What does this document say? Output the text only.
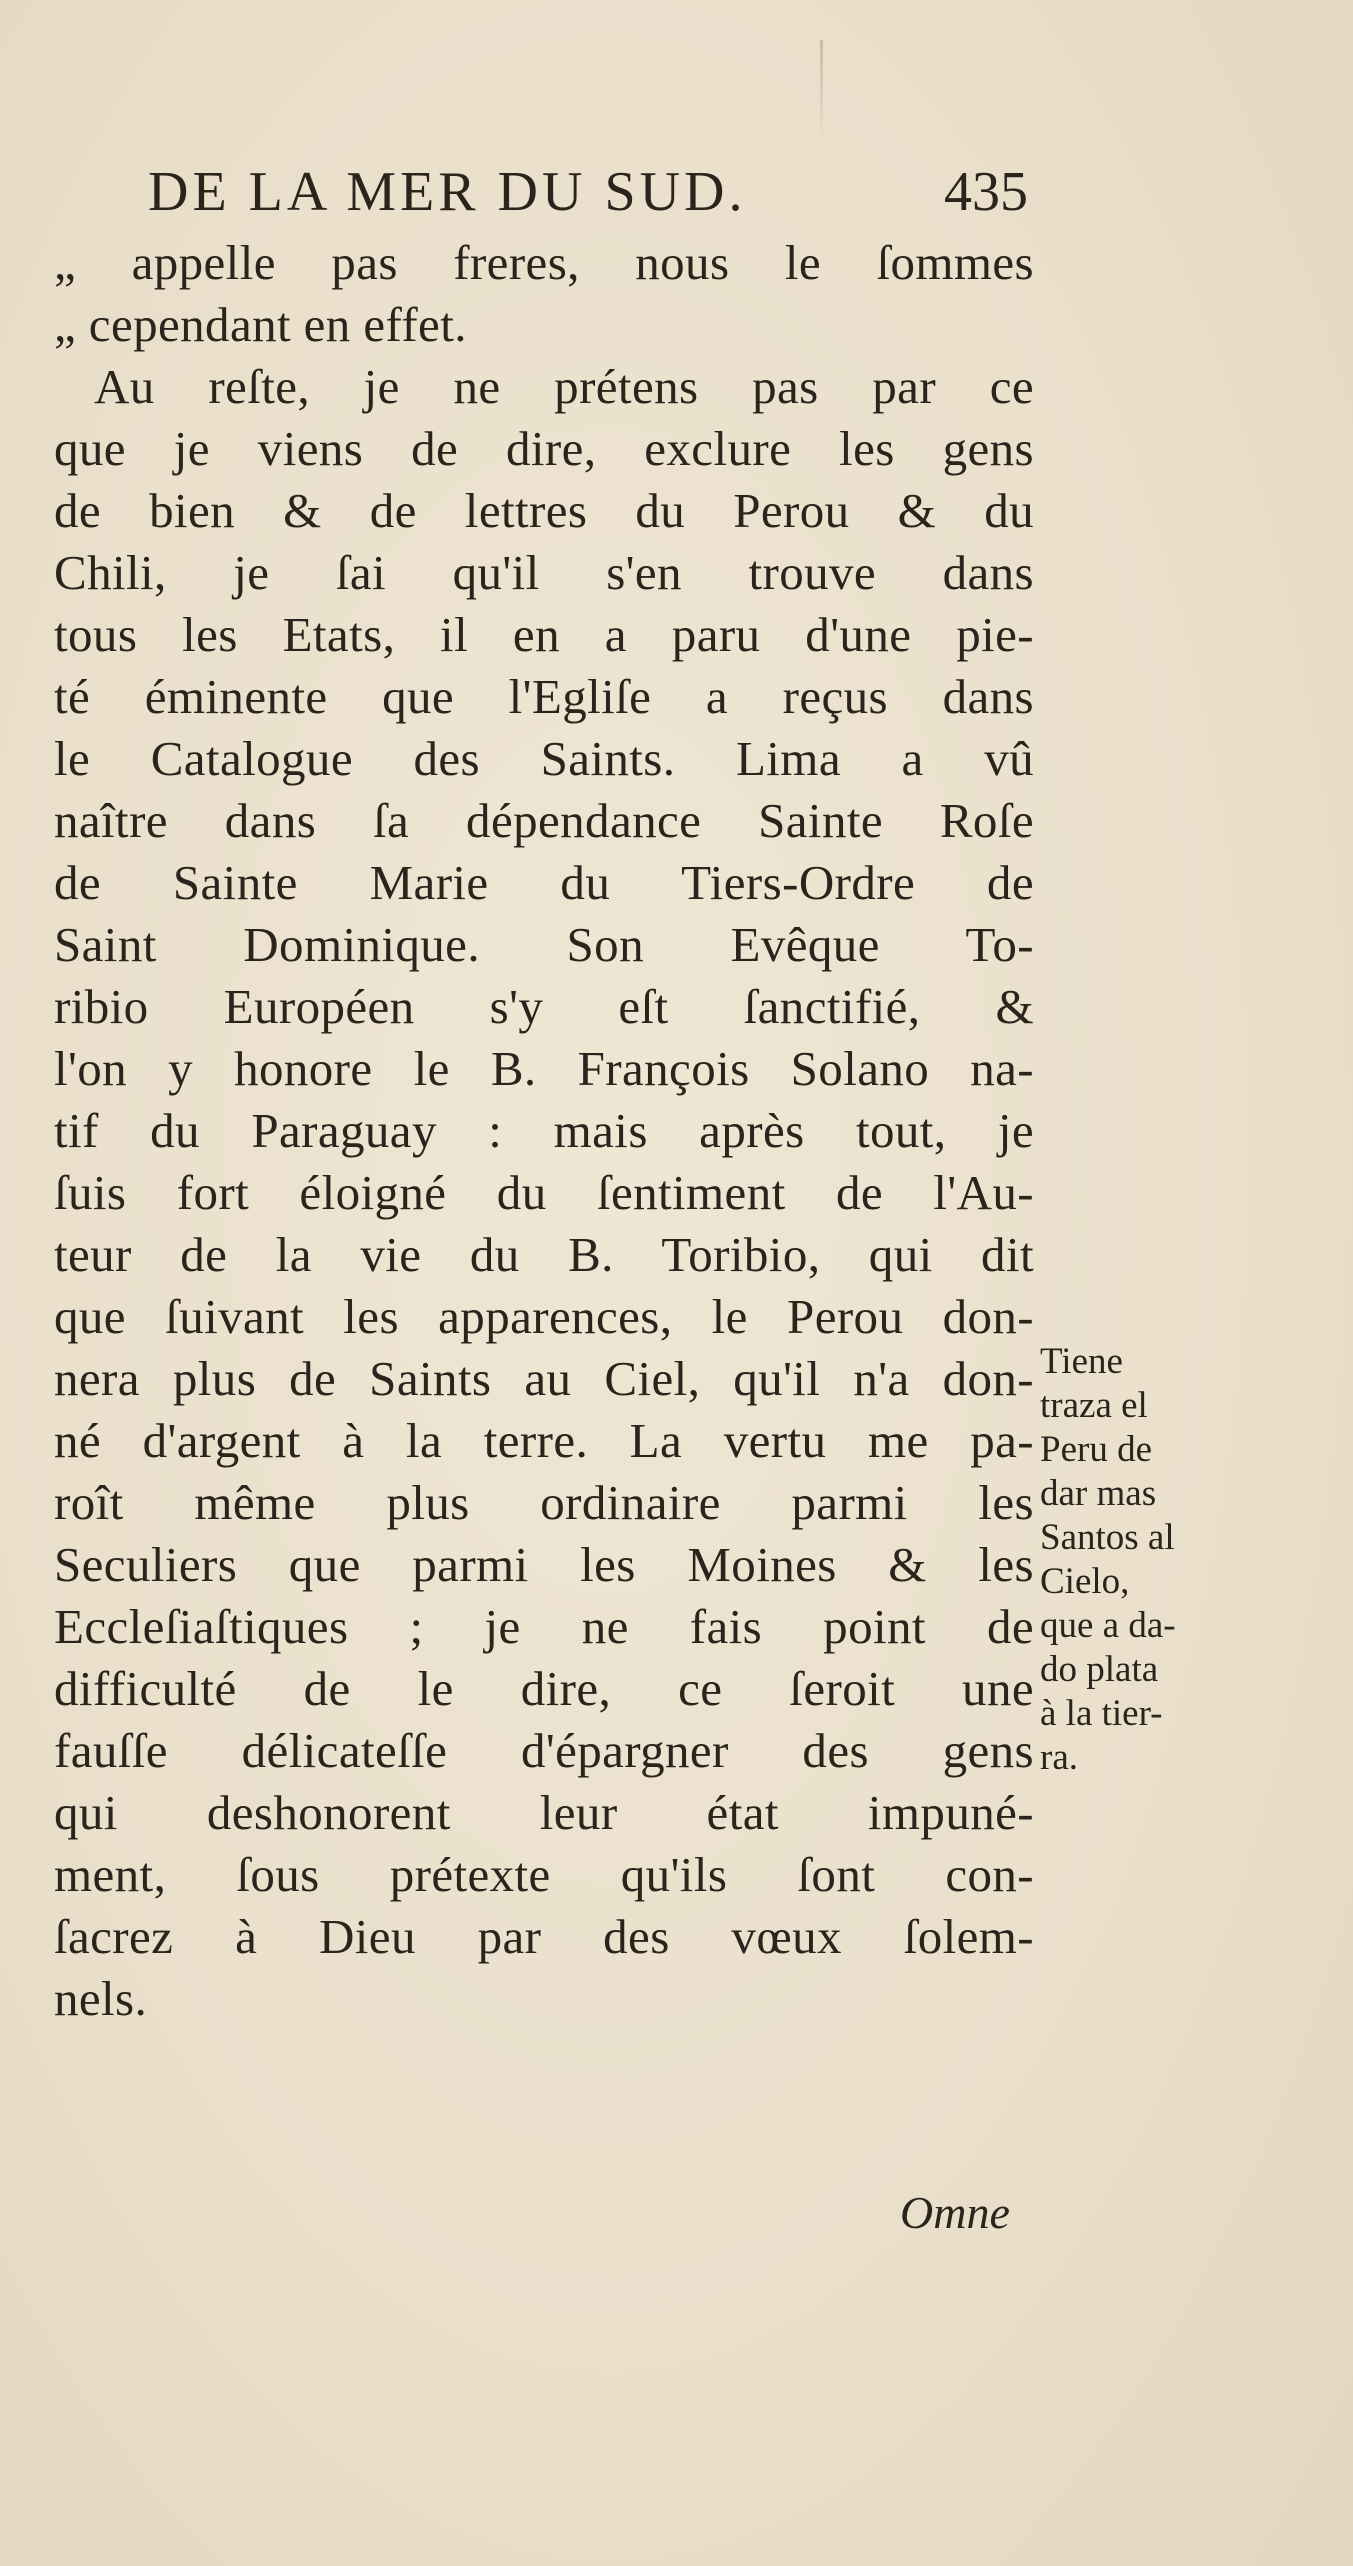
DE LA MER DU SUD.	435
„ appelle pas freres, nous le ſommes
„ cependant en effet.
Au reſte, je ne prétens pas par ce
que je viens de dire, exclure les gens
de bien & de lettres du Perou & du
Chili, je ſai qu'il s'en trouve dans
tous les Etats, il en a paru d'une pie-
té éminente que l'Egliſe a reçus dans
le Catalogue des Saints. Lima a vû
naître dans ſa dépendance Sainte Roſe
de Sainte Marie du Tiers-Ordre de
Saint Dominique. Son Evêque To-
ribio Européen s'y eſt ſanctifié, &
l'on y honore le B. François Solano na-
tif du Paraguay : mais après tout, je
ſuis fort éloigné du ſentiment de l'Au-
teur de la vie du B. Toribio, qui dit
que ſuivant les apparences, le Perou don-
nera plus de Saints au Ciel, qu'il n'a don-
né d'argent à la terre. La vertu me pa-
roît même plus ordinaire parmi les
Seculiers que parmi les Moines & les
Eccleſiaſtiques ; je ne fais point de
difficulté de le dire, ce ſeroit une
fauſſe délicateſſe d'épargner des gens
qui deshonorent leur état impuné-
ment, ſous prétexte qu'ils ſont con-
ſacrez à Dieu par des vœux ſolem-
nels.
Tiene
traza el
Peru de
dar mas
Santos al
Cielo,
que a da-
do plata
à la tier-
ra.
Omne
